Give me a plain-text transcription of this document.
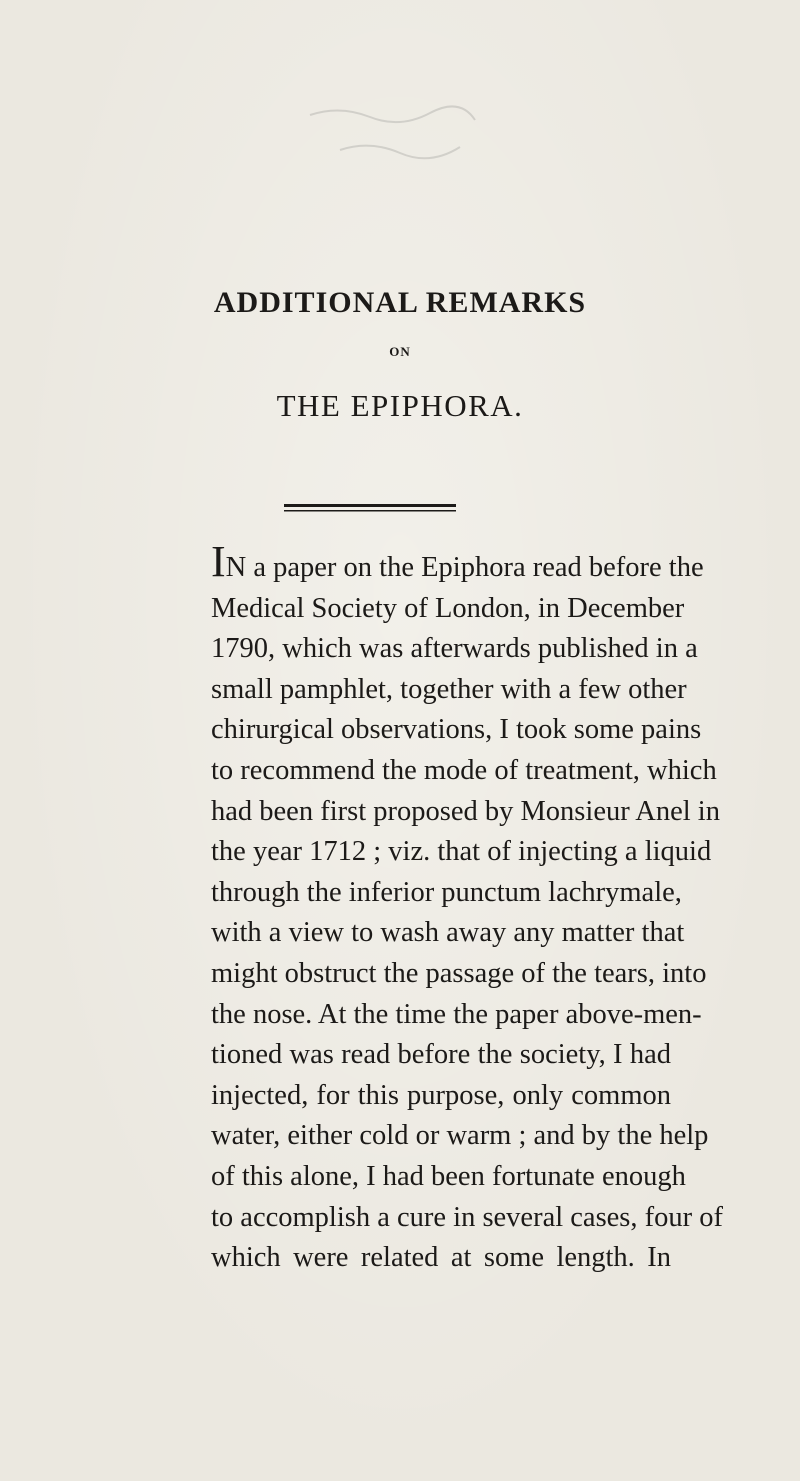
ADDITIONAL REMARKS
ON
THE EPIPHORA.
IN a paper on the Epiphora read before the
Medical Society of London, in December
1790, which was afterwards published in a
small pamphlet, together with a few other
chirurgical observations, I took some pains
to recommend the mode of treatment, which
had been first proposed by Monsieur Anel in
the year 1712 ; viz. that of injecting a liquid
through the inferior punctum lachrymale,
with a view to wash away any matter that
might obstruct the passage of the tears, into
the nose. At the time the paper above-men-
tioned was read before the society, I had
injected, for this purpose, only common
water, either cold or warm ; and by the help
of this alone, I had been fortunate enough
to accomplish a cure in several cases, four of
which were related at some length. In
